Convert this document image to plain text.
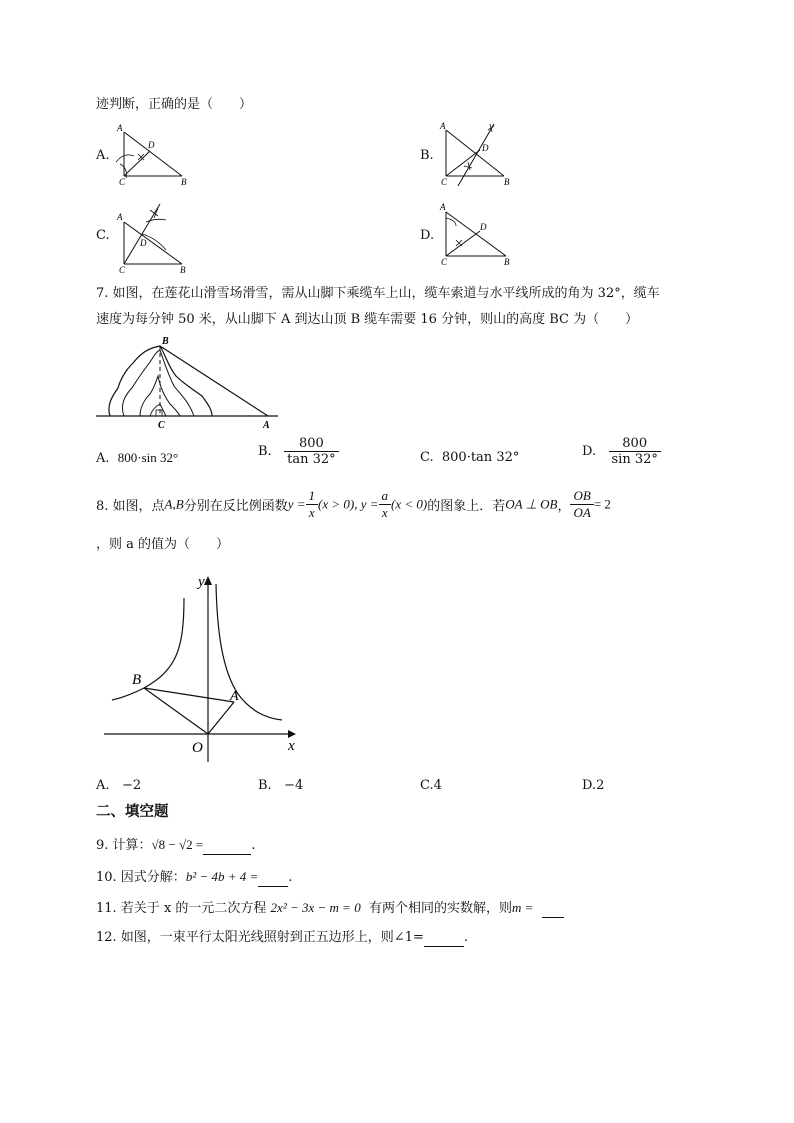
迹判断，正确的是（　　）
A.
A
D
C	B
B.
A
D
C	B
C.
A
D
C	B
D.
A
D
C	B
7. 如图，在莲花山滑雪场滑雪，需从山脚下乘缆车上山，缆车索道与水平线所成的角为 32°，缆车
速度为每分钟 50 米，从山脚下 A 到达山顶 B 缆车需要 16 分钟，则山的高度 BC 为（　　）
B
C	A
A. 800·sin 32°	B. $\frac{800}{\tan 32^\circ}$	C. 800·tan 32°	D. $\frac{800}{\sin 32^\circ}$
8. 如图，点A,B分别在反比例函数$y = \frac{1}{x} (x > 0)$, $y = \frac{a}{x} (x < 0)$的图象上．若OA ⊥ OB， $\frac{OB}{OA} = 2$
，则 a 的值为（　　）
y
x
O
A
B
A. −2	B. −4	C.4	D.2
二、填空题
9. 计算：√8 − √2 =	.
10. 因式分解：b² − 4b + 4 = .
11. 若关于 x 的一元二次方程 2x² − 3x − m = 0 有两个相同的实数解，则m =
12. 如图，一束平行太阳光线照射到正五边形上，则∠1=	.
